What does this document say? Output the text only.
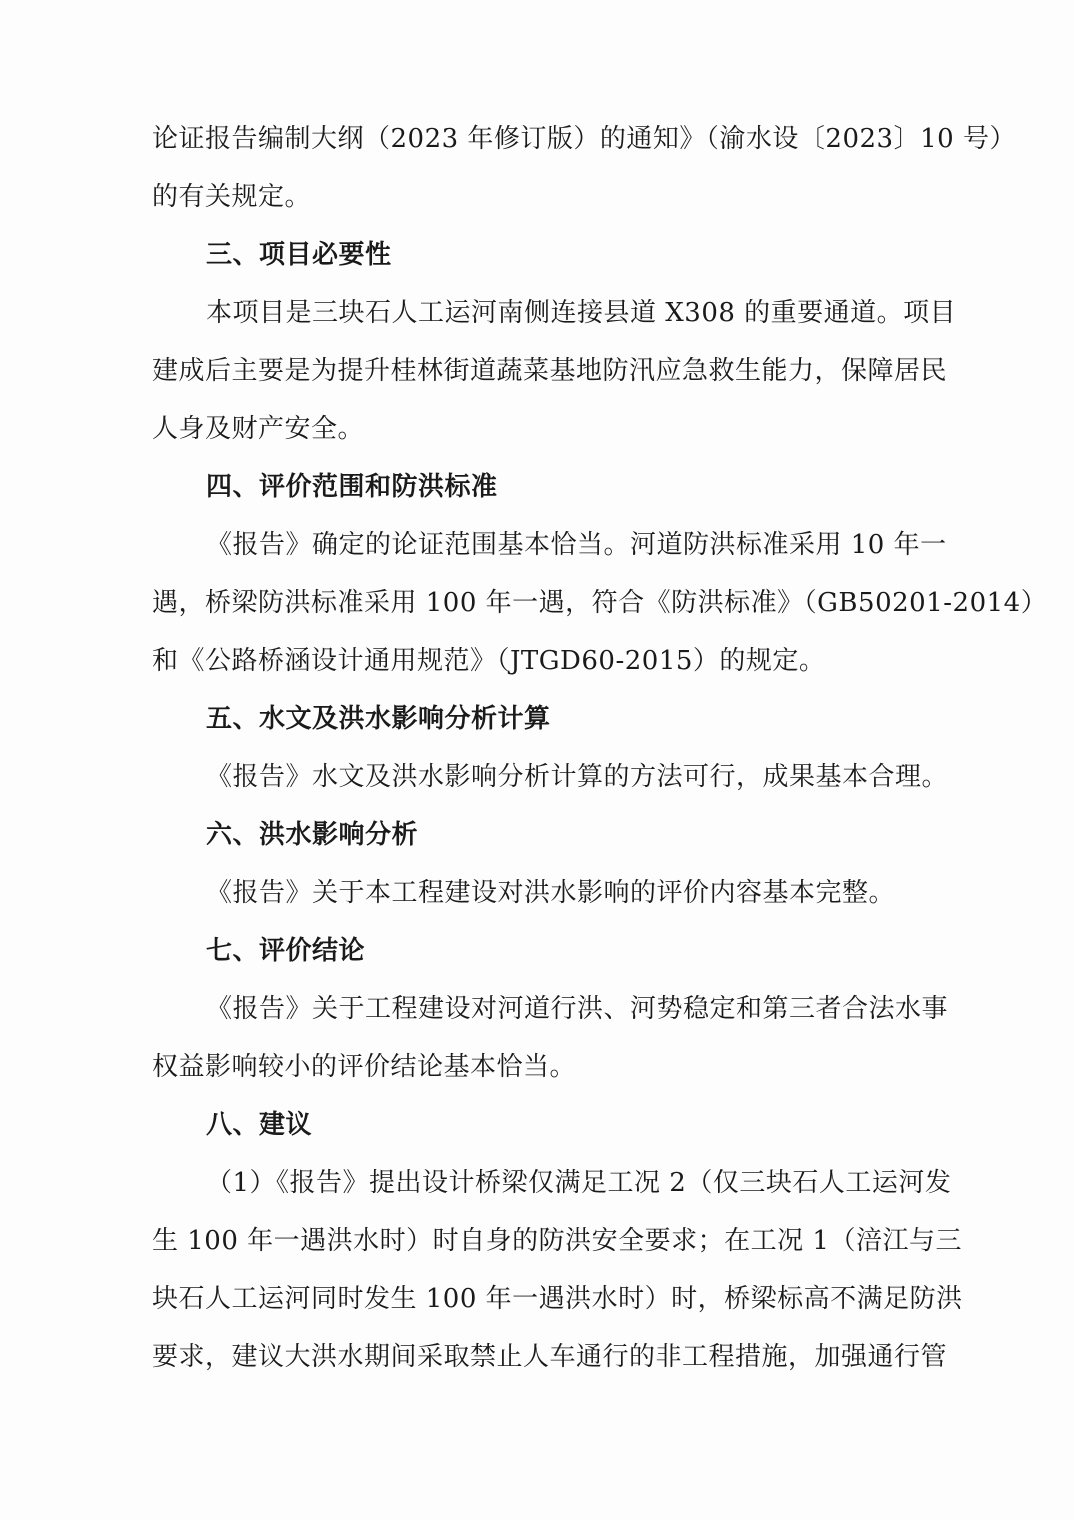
论证报告编制大纲（2023 年修订版）的通知》（渝水设〔2023〕10 号）
的有关规定。
三、项目必要性
本项目是三块石人工运河南侧连接县道 X308 的重要通道。项目
建成后主要是为提升桂林街道蔬菜基地防汛应急救生能力，保障居民
人身及财产安全。
四、评价范围和防洪标准
《报告》确定的论证范围基本恰当。河道防洪标准采用 10 年一
遇，桥梁防洪标准采用 100 年一遇，符合《防洪标准》（GB50201-2014）
和《公路桥涵设计通用规范》（JTGD60-2015）的规定。
五、水文及洪水影响分析计算
《报告》水文及洪水影响分析计算的方法可行，成果基本合理。
六、洪水影响分析
《报告》关于本工程建设对洪水影响的评价内容基本完整。
七、评价结论
《报告》关于工程建设对河道行洪、河势稳定和第三者合法水事
权益影响较小的评价结论基本恰当。
八、建议
（1）《报告》提出设计桥梁仅满足工况 2（仅三块石人工运河发
生 100 年一遇洪水时）时自身的防洪安全要求；在工况 1（涪江与三
块石人工运河同时发生 100 年一遇洪水时）时，桥梁标高不满足防洪
要求，建议大洪水期间采取禁止人车通行的非工程措施，加强通行管
